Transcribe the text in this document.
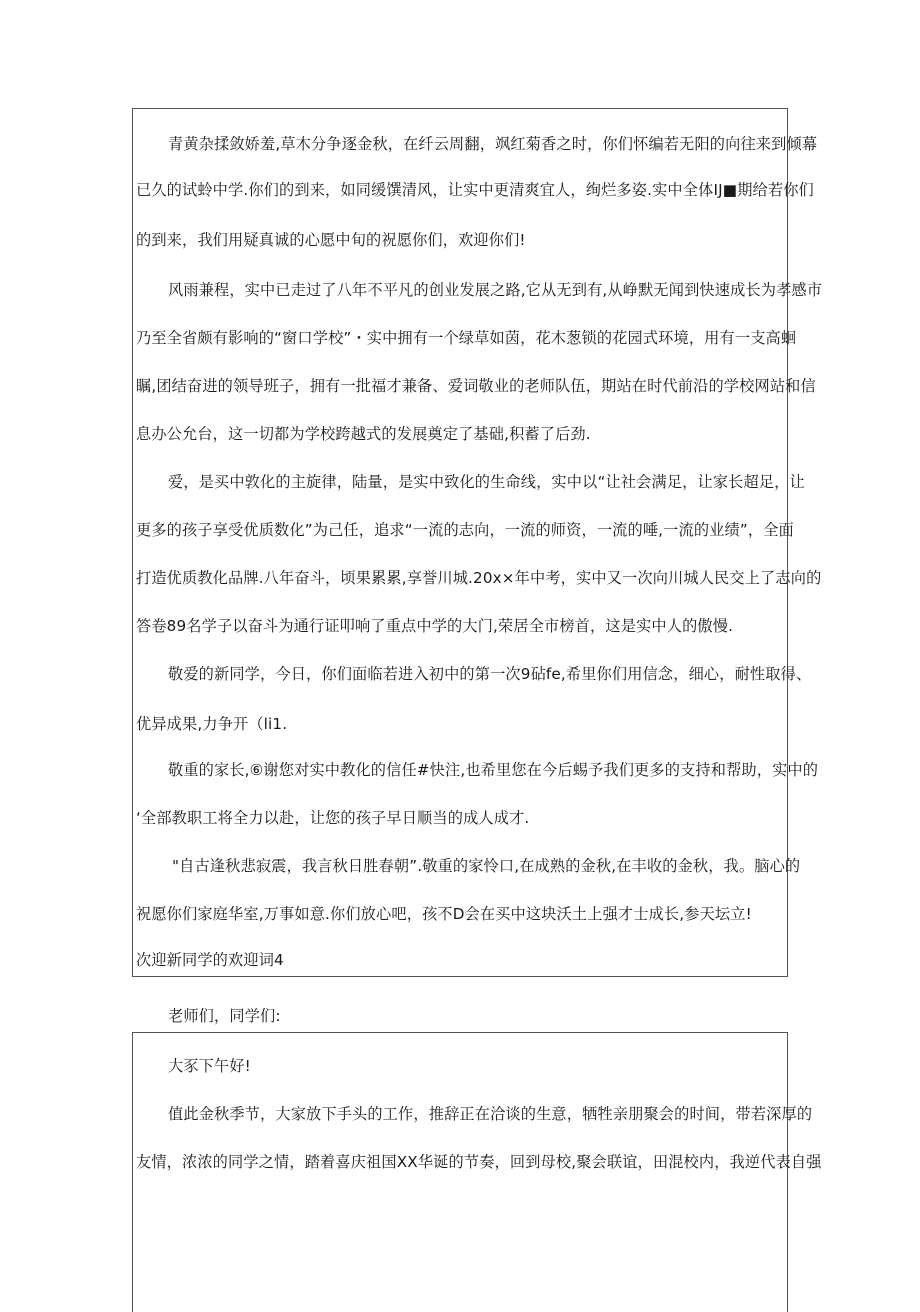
青黄杂揉敛娇羞,草木分争逐金秋，在纤云周翻，飒红菊香之时，你们怀编若无阳的向往来到倾幕
已久的试蛉中学.你们的到来，如同缓馔清风，让实中更清爽宜人，绚烂多姿.实中全体IJ■期给若你们
的到来，我们用疑真诚的心愿中旬的祝愿你们，欢迎你们!
风雨兼程，实中已走过了八年不平凡的创业发展之路,它从无到有,从峥默无闻到快速成长为孝感市
乃至全省颇有影响的“窗口学校”・实中拥有一个绿草如茵，花木葱锁的花园式环境，用有一支高蛔
瞩,团结奋进的领导班子，拥有一批福才兼备、爱词敬业的老师队伍，期站在时代前沿的学校网站和信
息办公允台，这一切都为学校跨越式的发展奠定了基础,积蓄了后劲.
爱，是买中敦化的主旋律，陆量，是实中致化的生命线，实中以“让社会满足，让家长超足，让
更多的孩子享受优质数化”为己任，追求“一流的志向，一流的师资，一流的唾,一流的业绩”，全面
打造优质教化品牌.八年奋斗，顷果累累,享誉川城.20x×年中考，实中又一次向川城人民交上了志向的
答卷89名学子以奋斗为通行证叩响了重点中学的大门,荣居全市榜首，这是实中人的傲慢.
敬爱的新同学，今日，你们面临若进入初中的第一次9砧fe,希里你们用信念，细心，耐性取得、
优异成果,力争开（li1.
敬重的家长,⑥谢您对实中教化的信任#快注,也希里您在今后蜴予我们更多的支持和帮助，实中的
‘全部教职工将全力以赴，让您的孩子早日顺当的成人成才.
"自古逢秋悲寂震，我言秋日胜春朝”.敬重的家怜口,在成熟的金秋,在丰收的金秋，我。脑心的
祝愿你们家庭华室,万事如意.你们放心吧，孩不D会在买中这块沃土上强才士成长,参天坛立!
次迎新同学的欢迎词4
老师们，同学们:
大豕下午好!
值此金秋季节，大家放下手头的工作，推辞正在洽谈的生意，牺牲亲朋聚会的时间，带若深厚的
友情，浓浓的同学之情，踏着喜庆祖国XX华诞的节奏，回到母校,聚会联谊，田混校内，我逆代表自强
